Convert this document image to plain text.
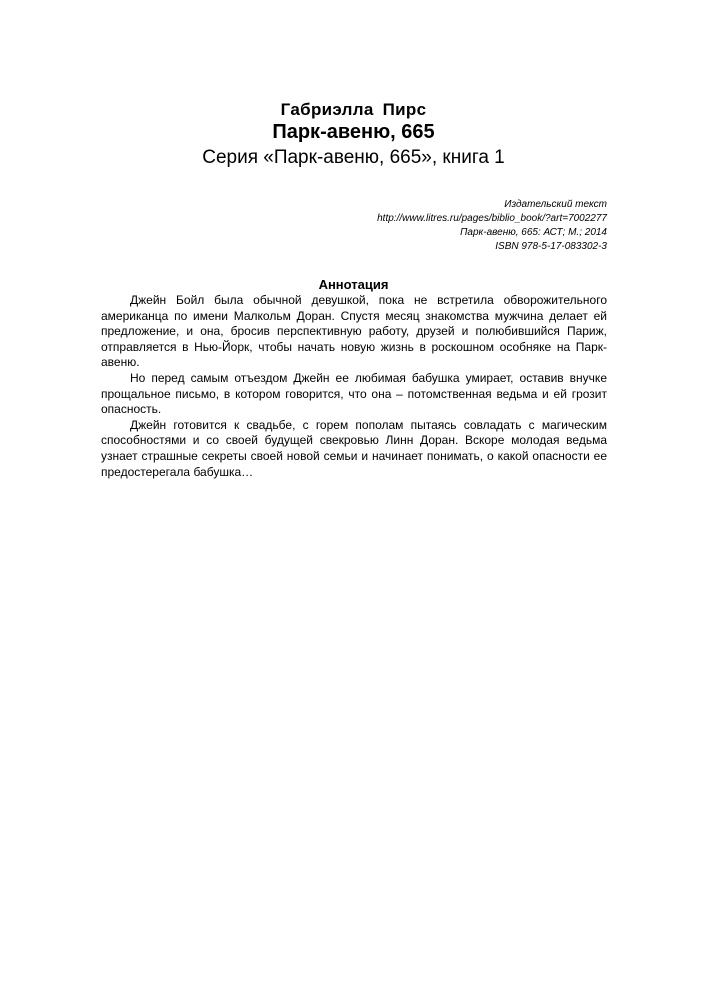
Габриэлла Пирс
Парк-авеню, 665
Серия «Парк-авеню, 665», книга 1
Издательский текст
http://www.litres.ru/pages/biblio_book/?art=7002277
Парк-авеню, 665: АСТ; М.; 2014
ISBN 978-5-17-083302-3
Аннотация

Джейн Бойл была обычной девушкой, пока не встретила обворожительного американца по имени Малкольм Доран. Спустя месяц знакомства мужчина делает ей предложение, и она, бросив перспективную работу, друзей и полюбившийся Париж, отправляется в Нью-Йорк, чтобы начать новую жизнь в роскошном особняке на Парк-авеню.

Но перед самым отъездом Джейн ее любимая бабушка умирает, оставив внучке прощальное письмо, в котором говорится, что она – потомственная ведьма и ей грозит опасность.

Джейн готовится к свадьбе, с горем пополам пытаясь совладать с магическим способностями и со своей будущей свекровью Линн Доран. Вскоре молодая ведьма узнает страшные секреты своей новой семьи и начинает понимать, о какой опасности ее предостерегала бабушка…
